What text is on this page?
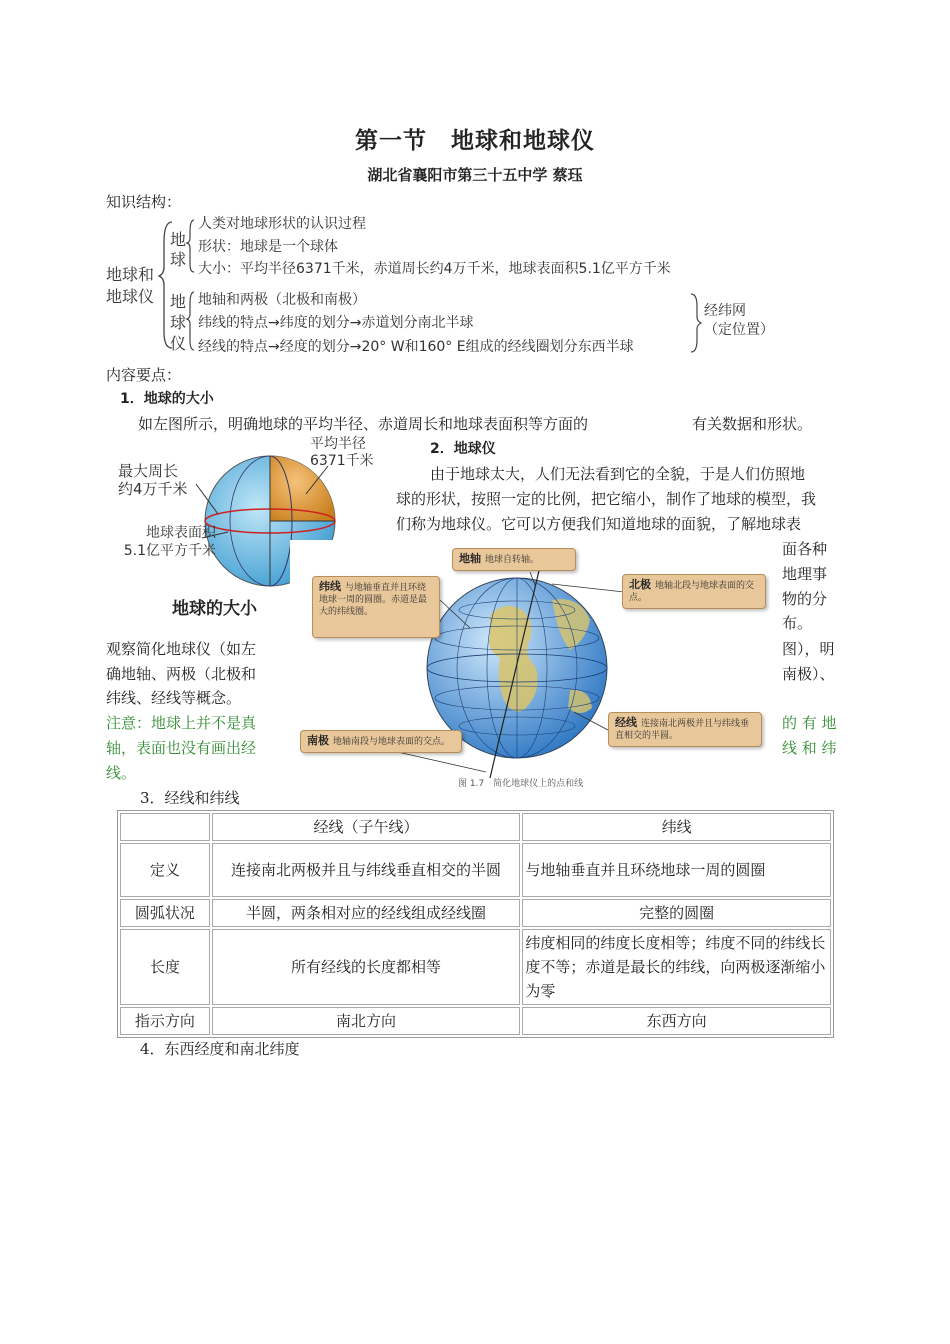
第一节　地球和地球仪
湖北省襄阳市第三十五中学 蔡珏
知识结构：
地球和地球仪
地球
地球仪
人类对地球形状的认识过程
形状：地球是一个球体
大小：平均半径6371千米，赤道周长约4万千米，地球表面积5.1亿平方千米
地轴和两极（北极和南极）
纬线的特点→纬度的划分→赤道划分南北半球
经线的特点→经度的划分→20° W和160° E组成的经线圈划分东西半球
经纬网（定位置）
内容要点：
1．地球的大小
如左图所示，明确地球的平均半径、赤道周长和地球表面积等方面的	有关数据和形状。
平均半径
6371千米
最大周长
约4万千米
地球表面积
5.1亿平方千米
地球的大小
2．地球仪
由于地球太大，人们无法看到它的全貌，于是人们仿照地
球的形状，按照一定的比例，把它缩小，制作了地球的模型，我
们称为地球仪。它可以方便我们知道地球的面貌，了解地球表
面各种
地理事
物的分
布。
观察简化地球仪（如左
确地轴、两极（北极和
纬线、经线等概念。
图），明
南极）、
注意：地球上并不是真
轴，表面也没有画出经
线。
的 有 地
线 和 纬
地轴 地球自转轴。
纬线 与地轴垂直并且环绕地球一周的圆圈。赤道是最大的纬线圈。
北极 地轴北段与地球表面的交点。
南极 地轴南段与地球表面的交点。
经线 连接南北两极并且与纬线垂直相交的半圆。
图 1.7　简化地球仪上的点和线
3．经线和纬线
	经线（子午线）	纬线
定义	连接南北两极并且与纬线垂直相交的半圆	与地轴垂直并且环绕地球一周的圆圈
圆弧状况	半圆，两条相对应的经线组成经线圈	完整的圆圈
长度	所有经线的长度都相等	纬度相同的纬度长度相等；纬度不同的纬线长度不等；赤道是最长的纬线，向两极逐渐缩小为零
指示方向	南北方向	东西方向
4．东西经度和南北纬度
